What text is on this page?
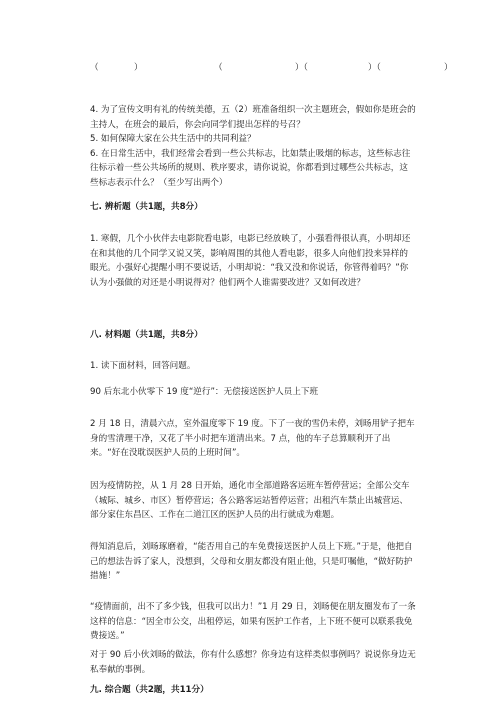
（	）	（	）（	）（	）

4. 为了宣传文明有礼的传统美德，五（2）班准备组织一次主题班会，假如你是班会的主持人，在班会的最后，你会向同学们提出怎样的号召？

5. 如何保障大家在公共生活中的共同利益？

6. 在日常生活中，我们经常会看到一些公共标志，比如禁止吸烟的标志，这些标志往往标示着一些公共场所的规则、秩序要求，请你说说，你都看到过哪些公共标志，这些标志表示什么？（至少写出两个）

七. 辨析题（共1题，共8分）

1. 寒假，几个小伙伴去电影院看电影，电影已经放映了，小强看得很认真，小明却还在和其他的几个同学又说又笑，影响周围的其他人看电影，很多人向他们投来异样的眼光。小强好心提醒小明不要说话，小明却说：“我又没和你说话，你管得着吗？”你认为小强做的对还是小明说得对？他们两个人谁需要改进？又如何改进？

八. 材料题（共1题，共8分）

1. 读下面材料，回答问题。

90 后东北小伙零下 19 度“逆行”：无偿接送医护人员上下班

2 月 18 日，清晨六点，室外温度零下 19 度。下了一夜的雪仍未停，刘旸用铲子把车身的雪清理干净，又花了半小时把车道清出来。7 点，他的车子总算顺利开了出来。“好在没耽误医护人员的上班时间”。

因为疫情防控，从 1 月 28 日开始，通化市全部道路客运班车暂停营运；全部公交车（城际、城乡、市区）暂停营运；各公路客运站暂停运营；出租汽车禁止出城营运、部分家住东昌区、工作在二道江区的医护人员的出行就成为难题。

得知消息后，刘旸琢磨着，“能否用自己的车免费接送医护人员上下班。”于是，他把自己的想法告诉了家人，没想到，父母和女朋友都没有阻止他，只是叮嘱他，“做好防护措施！”

“疫情面前，出不了多少钱，但我可以出力！”1 月 29 日，刘旸便在朋友圈发布了一条这样的信息：“因全市公交，出租停运，如果有医护工作者，上下班不便可以联系我免费接送。”

对于 90 后小伙刘旸的做法，你有什么感想？你身边有这样类似事例吗？说说你身边无私奉献的事例。

九. 综合题（共2题，共11分）
